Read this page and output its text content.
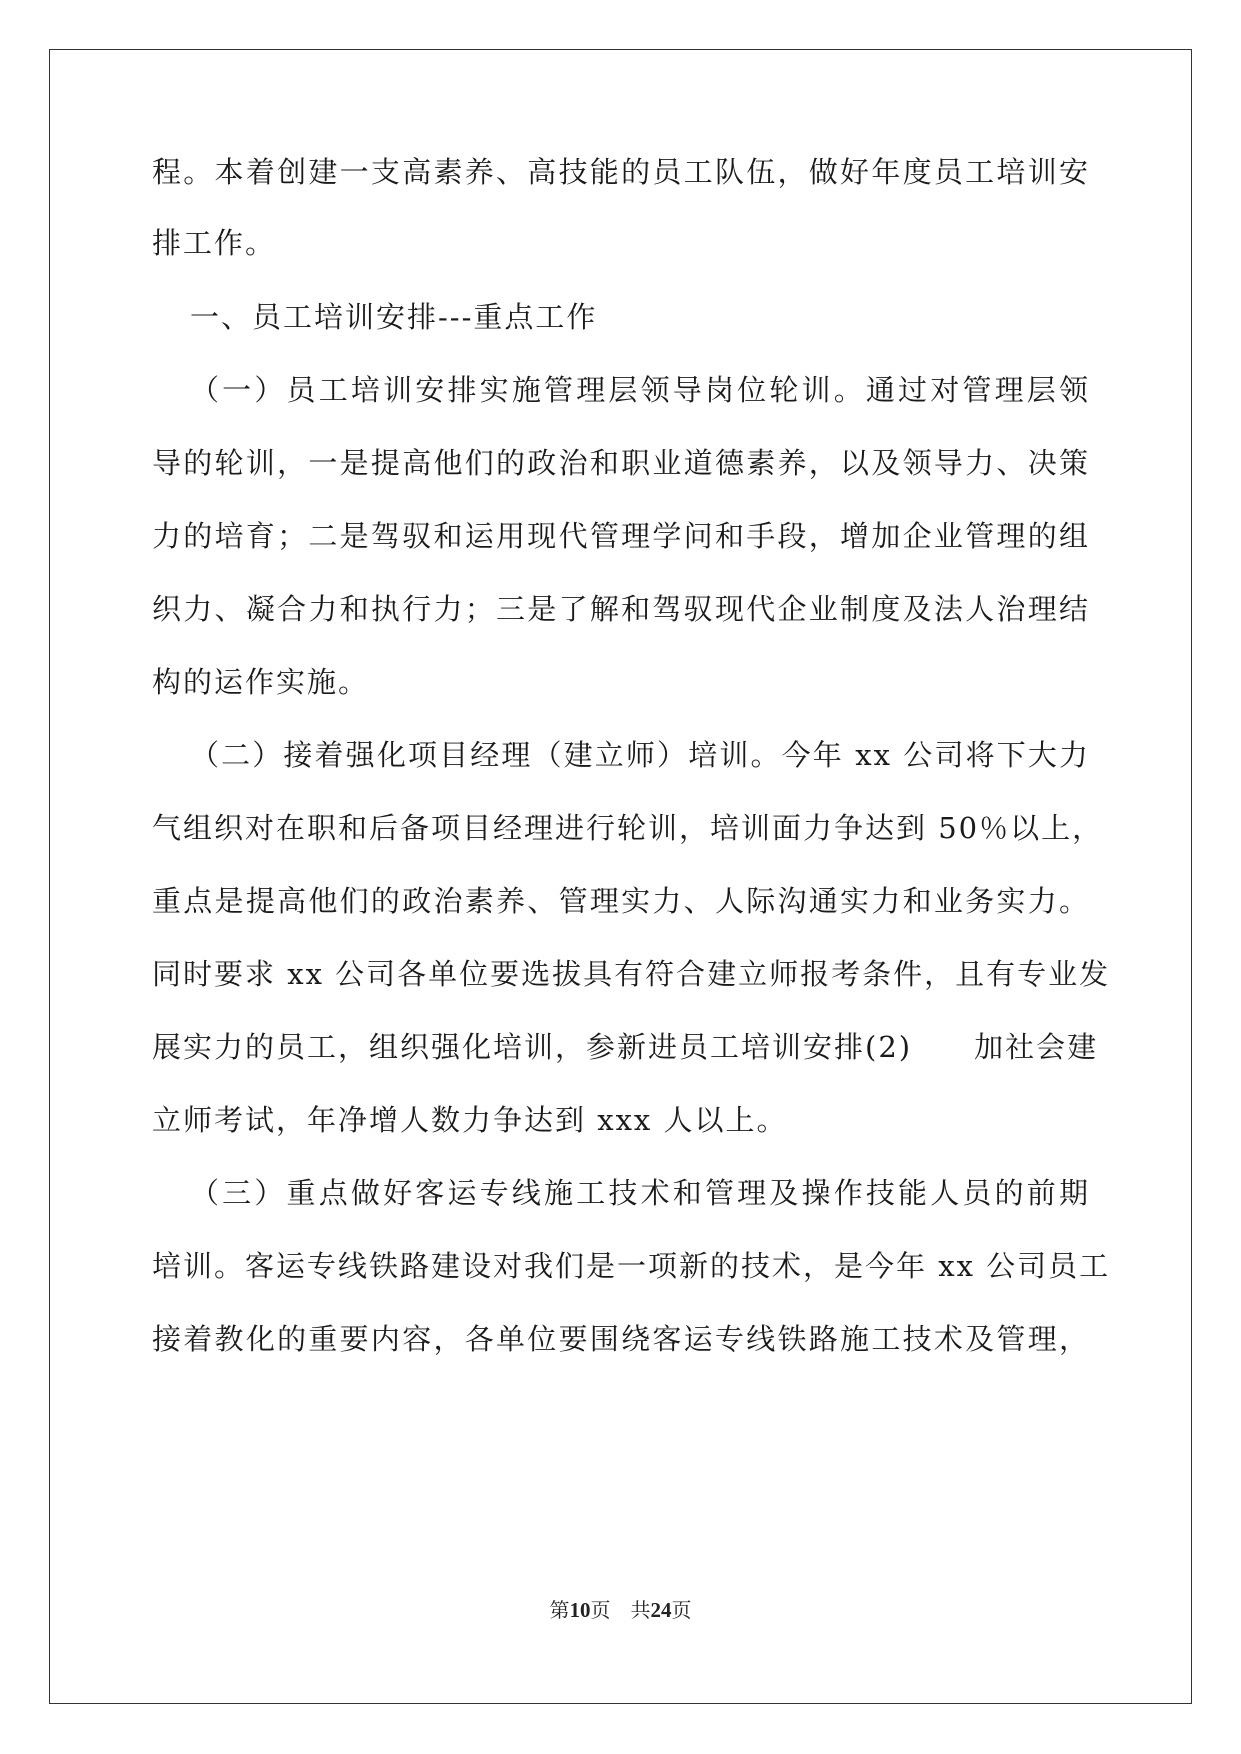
程。本着创建一支高素养、高技能的员工队伍，做好年度员工培训安
排工作。
一、员工培训安排---重点工作
（一）员工培训安排实施管理层领导岗位轮训。通过对管理层领
导的轮训，一是提高他们的政治和职业道德素养，以及领导力、决策
力的培育；二是驾驭和运用现代管理学问和手段，增加企业管理的组
织力、凝合力和执行力；三是了解和驾驭现代企业制度及法人治理结
构的运作实施。
（二）接着强化项目经理（建立师）培训。今年 xx 公司将下大力
气组织对在职和后备项目经理进行轮训，培训面力争达到 50％以上，
重点是提高他们的政治素养、管理实力、人际沟通实力和业务实力。
同时要求 xx 公司各单位要选拔具有符合建立师报考条件，且有专业发
展实力的员工，组织强化培训，参新进员工培训安排(2)　　加社会建
立师考试，年净增人数力争达到 xxx 人以上。
（三）重点做好客运专线施工技术和管理及操作技能人员的前期
培训。客运专线铁路建设对我们是一项新的技术，是今年 xx 公司员工
接着教化的重要内容，各单位要围绕客运专线铁路施工技术及管理，
第10页　共24页
